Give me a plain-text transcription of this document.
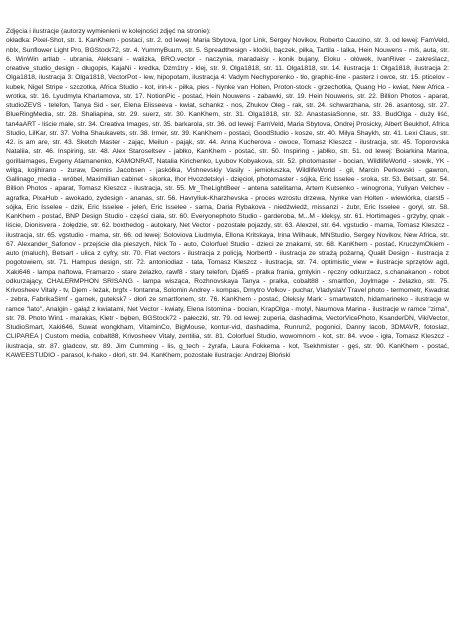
Zdjęcia i ilustracje (autorzy wymienieni w kolejności zdjęć na stronie):
okładka: Pixel-Shot, str. 1. KanKhem - postaci, str. 2. od lewej: Maria Sbytova, Igor Link, Sergey Novikov, Roberto Caucino, str. 3. od lewej: FamVeld, nblx, Sunflower Light Pro, BGStock72, str. 4. YummyBuum, str. 5. Spreadthesign - kloćki, bączek, piłka, Tartila - lalka, Hein Nouwens - miś, auta, str. 6. WinWin artlab - ubrania, Aleksani - walizka, BRO.vector - naczynia, maradaisy - konik bujany, Eloku - ołówek, IvanRiver - zakreślacz, creative_studio_design - długopis, KajaNi - kredka, Dzm1try - klej, str. 9. Olga1818, str. 11. Olga1818, str. 14. ilustracja 1: Olga1818, ilustracja 2: Olga1818, ilustracja 3: Olga1818, VectorPot - lew, hipopotam, ilustracja 4: Vadym Nechyporenko - tło, graphic-line - pasterz i owce, str. 15. pticelov - kubek, Nigel Stripe - szczotka, Africa Studio - kot, irin-k - piłka, pies - Nynke van Holten, Proton-stock - grzechotka, Quang Ho - kwiat, New Africa - wrotka, str. 16. Lyudmyla Kharlamova, str. 17. NotionPic - postać, Hein Nouwens - zabawki, str. 19. Hein Nouwens, str. 22. Billion Photos - aparat, studioZEVS - telefon, Tanya Sid - ser, Elena Elisseeva - kwiat, schankz - nos, Zhukov Oleg - rak, str. 24. schwarzhana, str. 26. asantosg, str. 27. BlueRingMedia, str. 28. Shaliapina, str. 29. suerz, str. 30. KanKhem, str. 31. Olga1818, str. 32. AnastasiaSonne, str. 33. BudOlga - duży liść, tan4aART - liście małe, str. 34. Creativa Images, str. 35. barkarola, str. 36. od lewej: FamVeld, Maria Sbytova, Ondrej Prosicky, Albert Beukhof, Africa Studio, LilKar, str. 37. Volha Shaukavets, str. 38. Irmer, str. 39. KanKhem - postaci, GoodStudio - kosze, str. 40. Milya Shaykh, str. 41. Lexi Claus, str. 42. is am are, str. 43. Sketch Master - zając, Meilun - pająk, str. 44. Anna Kucherova - owoce, Tomasz Kleszcz - ilustracja, str. 45. Toporovska Nataliia, str. 46. Inspiring, str. 48. Alex Staroseltsev - jabłko, KanKhem - postać, str. 50. Inspiring - jabłko, str. 51. od lewej: Boiarkina Marina, gorillaimages, Evgeny Atamanenko, KAMONRAT, Natalia Kirichenko, Lyubov Kobyakova, str. 52. photomaster - bocian, WildlifeWorld - słowik, YK - wilga, kojihirano - żuraw, Dennis Jacobsen - jaskółka, Vishnevskiy Vasily - jemiołuszka, WildlifeWorld - gil, Marcin Perkowski - gawron, Gallinago_media - wróbel, Maximillian cabinet - sikorka, Ihor Hvozdetskyi - dzięcioł, photomaster - sójka, Eric Isselee - sroka, str. 53. Betsart, str. 54. Billion Photos - aparat, Tomasz Kleszcz - ilustracja, str. 55. Mr_TheLightBeer - antena satelitarna, Artem Kutsenko - winogrona, Yuliyan Velchev - agrafka, PixaHub - awokado, zydesign - ananas, str. 56. Havryliuk-Kharzhevska - proces wzrostu drzewa, Nynke van Holten - wiewiórka, clarst5 - sójka, Eric Isselee - dzik, Eric Isselee - jeleń, Eric Isselee - sarna, Daria Rybakova - niedźwiedź, missanzi - żubr, Eric Isselee - goryl, str. 58. KanKhem - postać, BNP Design Studio - części ciała, str. 60. Everyonephoto Studio - garderoba, M...M - klekşy, str. 61. Hortimages - grzyby, qnak - liście, Dionisvera - żołędzie, str. 62. boxthedog - autokary, Net Vector - pozostałe pojazdy, str. 63. Alexzel, str. 64. vgstudio - mama, Tomasz Kleszcz - ilustracja, str. 65. vgstudio - mama, str. 66. od lewej: Soloviova Liudmyla, Ellona Kritskaya, Irina Wilhauk, MNStudio, Sergey Novikov, New Africa, str. 67. Alexander_Safonov - przejście dla pieszych, Nick To - auto, Colorfuel Studio - dzieci ze znakami, str. 68. KanKhem - postać, KruczymOkiem - auto (maluch), Betsart - ulica z cyfry, str. 70. Flat vectors - ilustracja z policją, Norbert9 - ilustracja ze strażą pożarną, Qualit Design - ilustracja z pogotowiem, str. 71. Hampus design, str. 72. antoniodiaz - tata, Tomasz Kleszcz - ilustracja, str. 74. optimistic_view = ilustracje sprzętów agd, Xaki646 - lampa naftowa, Framarzo - stare żelazko, rawf8 - stary telefon, Dja65 - pralka frania, gmlykin - ręczny odkurzacz, s.chanakanon - robot odkurzający, CHALERMPHON SRISANG - lampa wisząca, Rozhnovskaya Tanya - pralka, cobalt88 - smartfon, Joylmage - żelazko, str. 75. Krivosheev Vitaly - tv, Djem - leżak, brgfx - fontanna, Solomin Andrey - kompas, Dmytro Volkov - puchar, VladyslaV Travel photo - termometr, Kwadrat - zebra, FabrikaSimf - garnek, guteksk7 - dłoń ze smartfonem, str. 76. KanKhem - postać, Oleksiy Mark - smartwatch, hidamarineko - ilustracje w ramce "lato", Analgin - gałąź z kwiatami, Net Vector - kwiaty, Elena Istomina - bocian, KrapOlga - motyl, Naumova Marina - ilustracje w ramce "zima", str. 78. Photo Win1 - marakas, Kletr - bęben, BGStock72 - pałeczki, str. 79. od lewej: zuperia, dashadima, VectorVicePhoto, KsanderDN, VikiVector, StudioSmart, Xaki646, Suwat wongkham, VitaminCo, BigMouse, kontur-vid, dashadima, Runrun2, pogonici, Danny lacob, 3DMAVR, fotoslaz, CLIPAREA | Custom media, cobalt88, Krivosheev Vitaly, zentilia, str. 81. Colorfuel Studio, wowomnom - kot, str. 84. vvoe - igła, Tomasz Kleszcz - ilustracja, str. 87. gladcov, str. 89. Jim Cumming - lis, g_tech - żyrafa, Laura Fokkema - kot, Tsekhmister - gęś, str. 90. KanKhem - postać, KAWEESTUDIO - parasol, k-hako - dłoń, str. 94. KanKhem, pozostałe ilustracje: Andrzej Błoński
